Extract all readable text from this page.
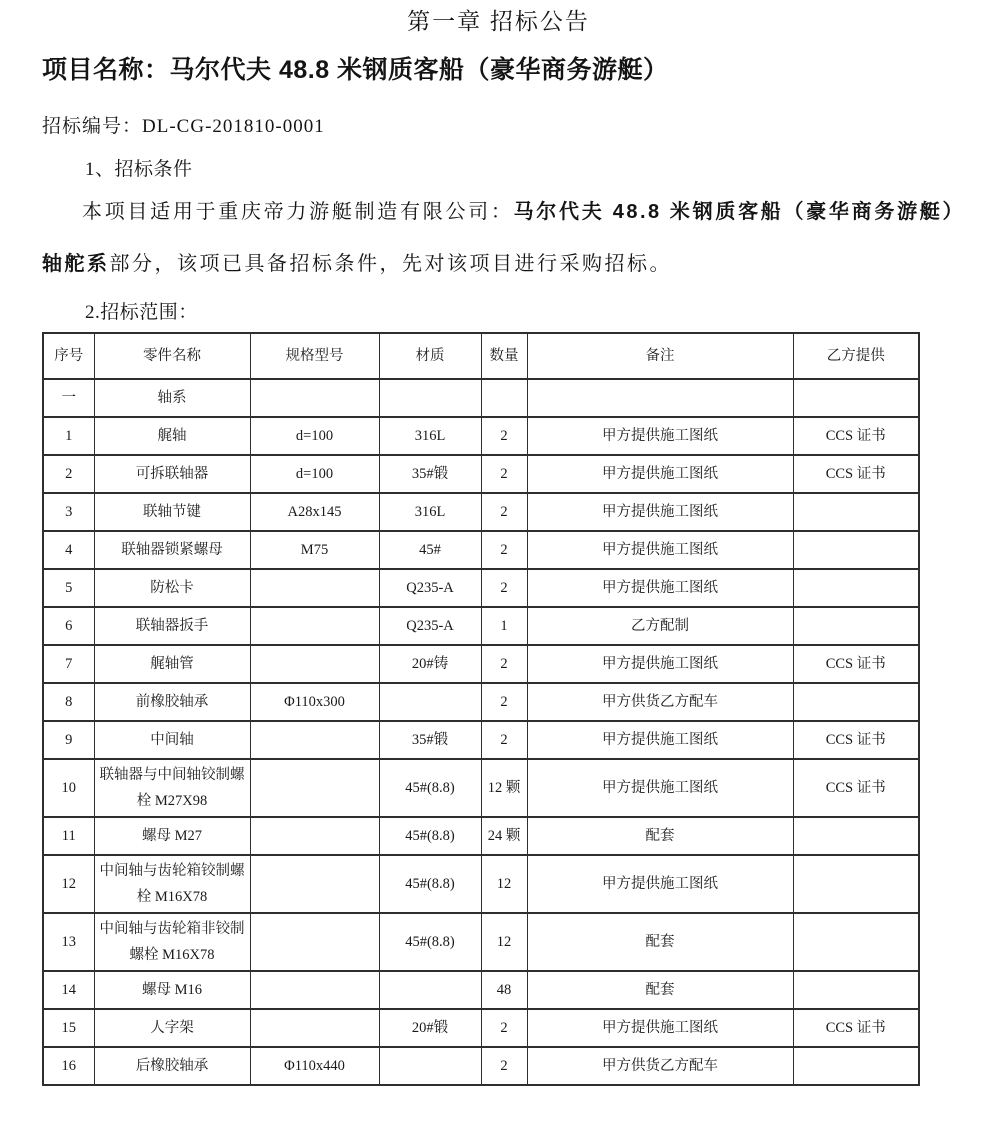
第一章 招标公告
项目名称：马尔代夫 48.8 米钢质客船（豪华商务游艇）
招标编号：DL-CG-201810-0001
1、招标条件
本项目适用于重庆帝力游艇制造有限公司：马尔代夫 48.8 米钢质客船（豪华商务游艇）轴舵系部分，该项已具备招标条件，先对该项目进行采购招标。
2.招标范围：
序号	零件名称	规格型号	材质	数量	备注	乙方提供
一	轴系					
1	艉轴	d=100	316L	2	甲方提供施工图纸	CCS 证书
2	可拆联轴器	d=100	35#锻	2	甲方提供施工图纸	CCS 证书
3	联轴节键	A28x145	316L	2	甲方提供施工图纸	
4	联轴器锁紧螺母	M75	45#	2	甲方提供施工图纸	
5	防松卡		Q235-A	2	甲方提供施工图纸	
6	联轴器扳手		Q235-A	1	乙方配制	
7	艉轴管		20#铸	2	甲方提供施工图纸	CCS 证书
8	前橡胶轴承	Φ110x300		2	甲方供货乙方配车	
9	中间轴		35#锻	2	甲方提供施工图纸	CCS 证书
10	联轴器与中间轴铰制螺栓 M27X98		45#(8.8)	12 颗	甲方提供施工图纸	CCS 证书
11	螺母 M27		45#(8.8)	24 颗	配套	
12	中间轴与齿轮箱铰制螺栓 M16X78		45#(8.8)	12	甲方提供施工图纸	
13	中间轴与齿轮箱非铰制螺栓 M16X78		45#(8.8)	12	配套	
14	螺母 M16			48	配套	
15	人字架		20#锻	2	甲方提供施工图纸	CCS 证书
16	后橡胶轴承	Φ110x440		2	甲方供货乙方配车	
